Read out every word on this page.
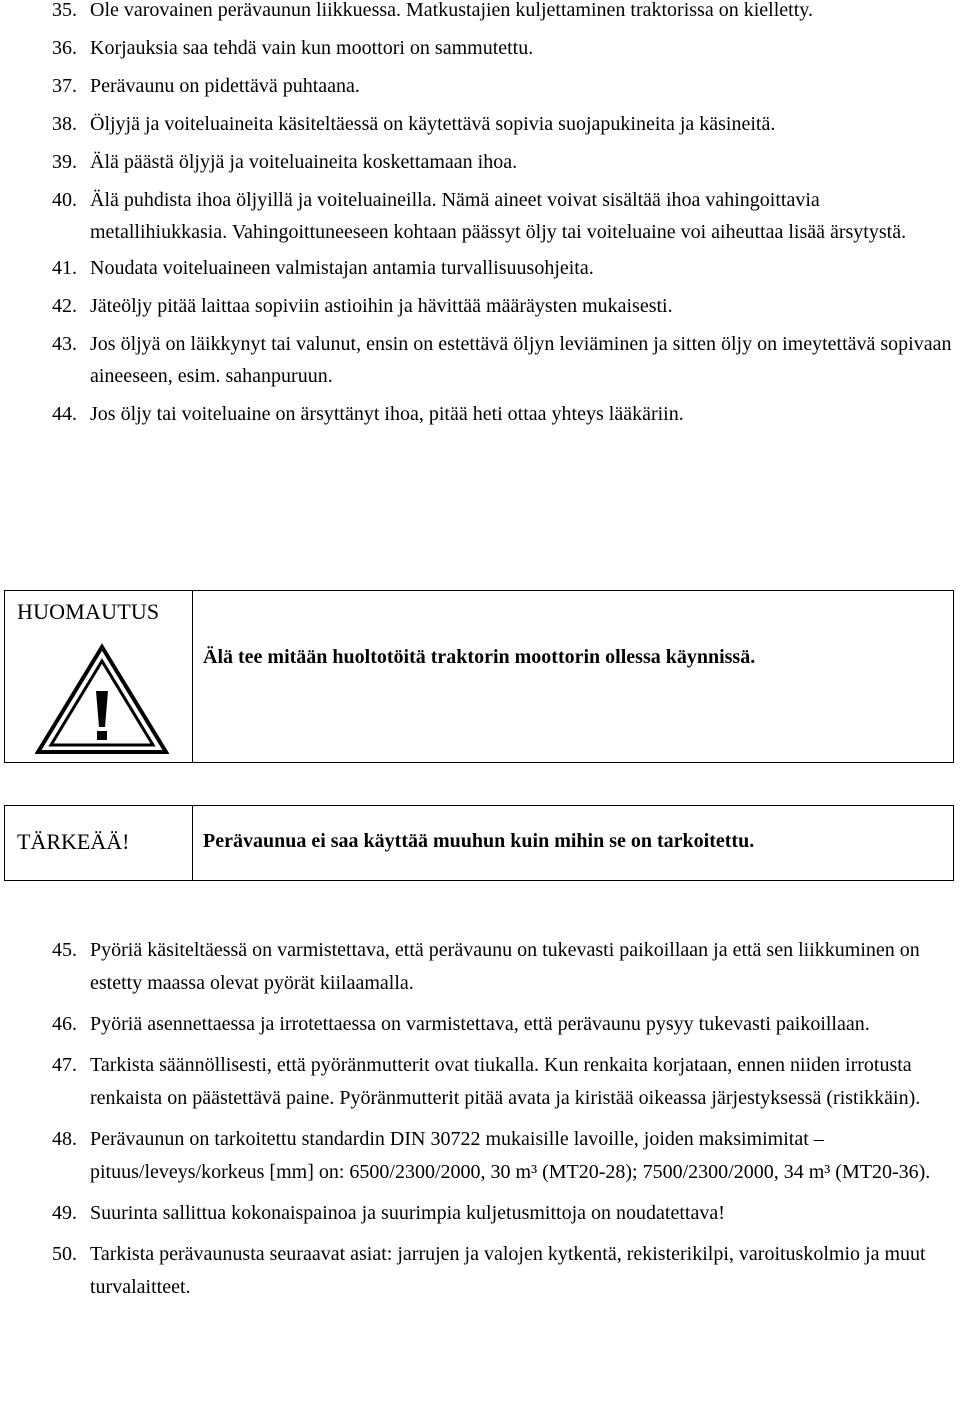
35. Ole varovainen perävaunun liikkuessa. Matkustajien kuljettaminen traktorissa on kielletty.
36. Korjauksia saa tehdä vain kun moottori on sammutettu.
37. Perävaunu on pidettävä puhtaana.
38. Öljyjä ja voiteluaineita käsiteltäessä on käytettävä sopivia suojapukineita ja käsineitä.
39. Älä päästä öljyjä ja voiteluaineita koskettamaan ihoa.
40. Älä puhdista ihoa öljyillä ja voiteluaineilla. Nämä aineet voivat sisältää ihoa vahingoittavia metallihiukkasia. Vahingoittuneeseen kohtaan päässyt öljy tai voiteluaine voi aiheuttaa lisää ärsytystä.
41. Noudata voiteluaineen valmistajan antamia turvallisuusohjeita.
42. Jäteöljy pitää laittaa sopiviin astioihin ja hävittää määräysten mukaisesti.
43. Jos öljyä on läikkynyt tai valunut, ensin on estettävä öljyn leviäminen ja sitten öljy on imeytettävä sopivaan aineeseen, esim. sahanpuruun.
44. Jos öljy tai voiteluaine on ärsyttänyt ihoa, pitää heti ottaa yhteys lääkäriin.
HUOMAUTUS
Älä tee mitään huoltotöitä traktorin moottorin ollessa käynnissä.
TÄRKEÄÄ!	Perävaunua ei saa käyttää muuhun kuin mihin se on tarkoitettu.
45. Pyöriä käsiteltäessä on varmistettava, että perävaunu on tukevasti paikoillaan ja että sen liikkuminen on estetty maassa olevat pyörät kiilaamalla.
46. Pyöriä asennettaessa ja irrotettaessa on varmistettava, että perävaunu pysyy tukevasti paikoillaan.
47. Tarkista säännöllisesti, että pyöränmutterit ovat tiukalla. Kun renkaita korjataan, ennen niiden irrotusta renkaista on päästettävä paine. Pyöränmutterit pitää avata ja kiristää oikeassa järjestyksessä (ristikkäin).
48. Perävaunun on tarkoitettu standardin DIN 30722 mukaisille lavoille, joiden maksimimitat – pituus/leveys/korkeus [mm] on: 6500/2300/2000, 30 m³ (MT20-28); 7500/2300/2000, 34 m³ (MT20-36).
49. Suurinta sallittua kokonaispainoa ja suurimpia kuljetusmittoja on noudatettava!
50. Tarkista perävaunusta seuraavat asiat: jarrujen ja valojen kytkentä, rekisterikilpi, varoituskolmio ja muut turvalaitteet.
